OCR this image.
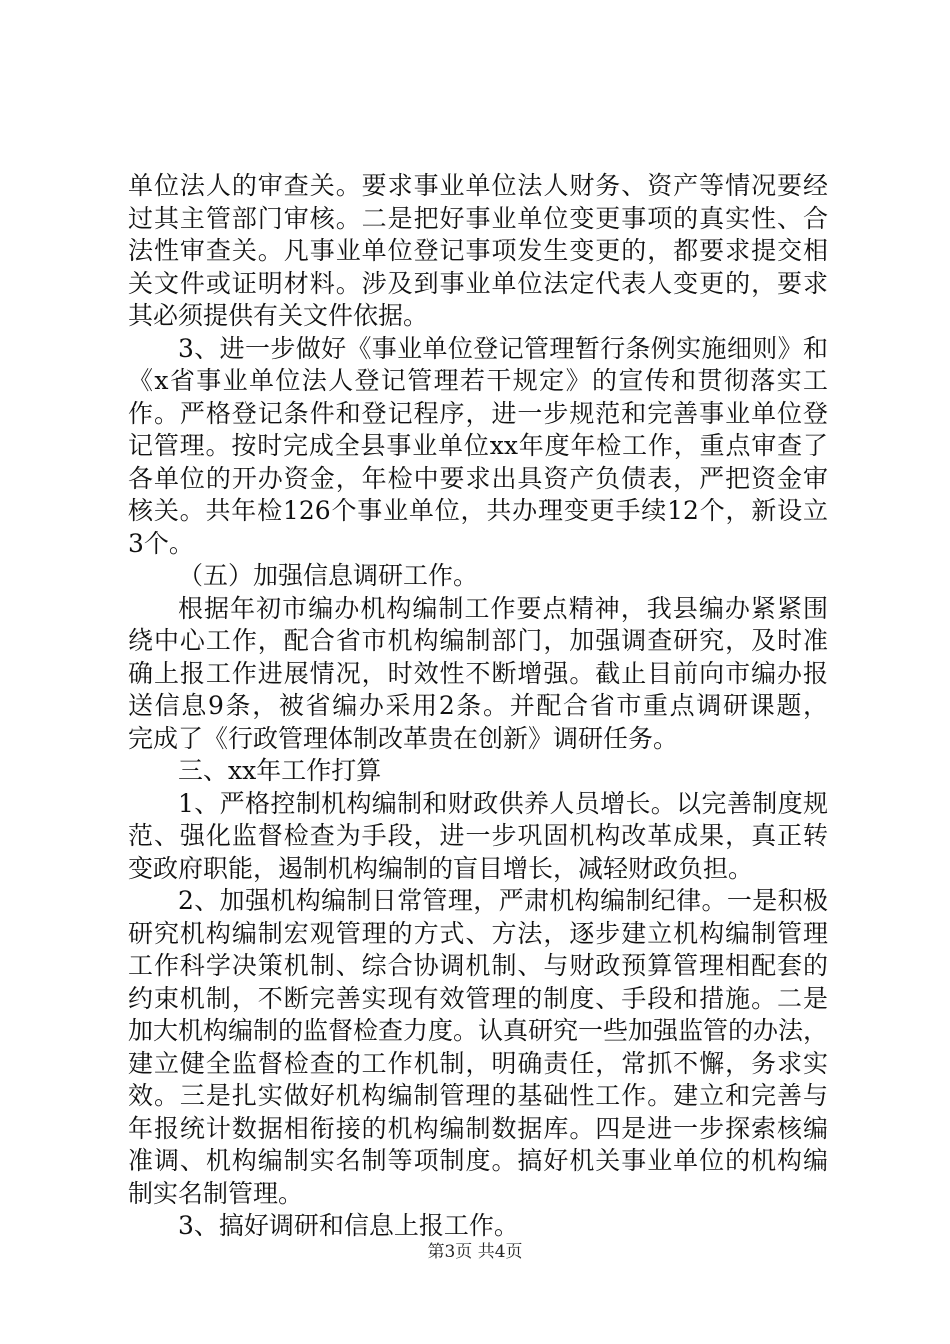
单位法人的审查关。要求事业单位法人财务、资产等情况要经
过其主管部门审核。二是把好事业单位变更事项的真实性、合
法性审查关。凡事业单位登记事项发生变更的，都要求提交相
关文件或证明材料。涉及到事业单位法定代表人变更的，要求
其必须提供有关文件依据。
3、进一步做好《事业单位登记管理暂行条例实施细则》和
《x省事业单位法人登记管理若干规定》的宣传和贯彻落实工
作。严格登记条件和登记程序，进一步规范和完善事业单位登
记管理。按时完成全县事业单位xx年度年检工作，重点审查了
各单位的开办资金，年检中要求出具资产负债表，严把资金审
核关。共年检126个事业单位，共办理变更手续12个，新设立
3个。
（五）加强信息调研工作。
根据年初市编办机构编制工作要点精神，我县编办紧紧围
绕中心工作，配合省市机构编制部门，加强调查研究，及时准
确上报工作进展情况，时效性不断增强。截止目前向市编办报
送信息9条，被省编办采用2条。并配合省市重点调研课题，
完成了《行政管理体制改革贵在创新》调研任务。
三、xx年工作打算
1、严格控制机构编制和财政供养人员增长。以完善制度规
范、强化监督检查为手段，进一步巩固机构改革成果，真正转
变政府职能，遏制机构编制的盲目增长，减轻财政负担。
2、加强机构编制日常管理，严肃机构编制纪律。一是积极
研究机构编制宏观管理的方式、方法，逐步建立机构编制管理
工作科学决策机制、综合协调机制、与财政预算管理相配套的
约束机制，不断完善实现有效管理的制度、手段和措施。二是
加大机构编制的监督检查力度。认真研究一些加强监管的办法，
建立健全监督检查的工作机制，明确责任，常抓不懈，务求实
效。三是扎实做好机构编制管理的基础性工作。建立和完善与
年报统计数据相衔接的机构编制数据库。四是进一步探索核编
准调、机构编制实名制等项制度。搞好机关事业单位的机构编
制实名制管理。
3、搞好调研和信息上报工作。
第3页 共4页
